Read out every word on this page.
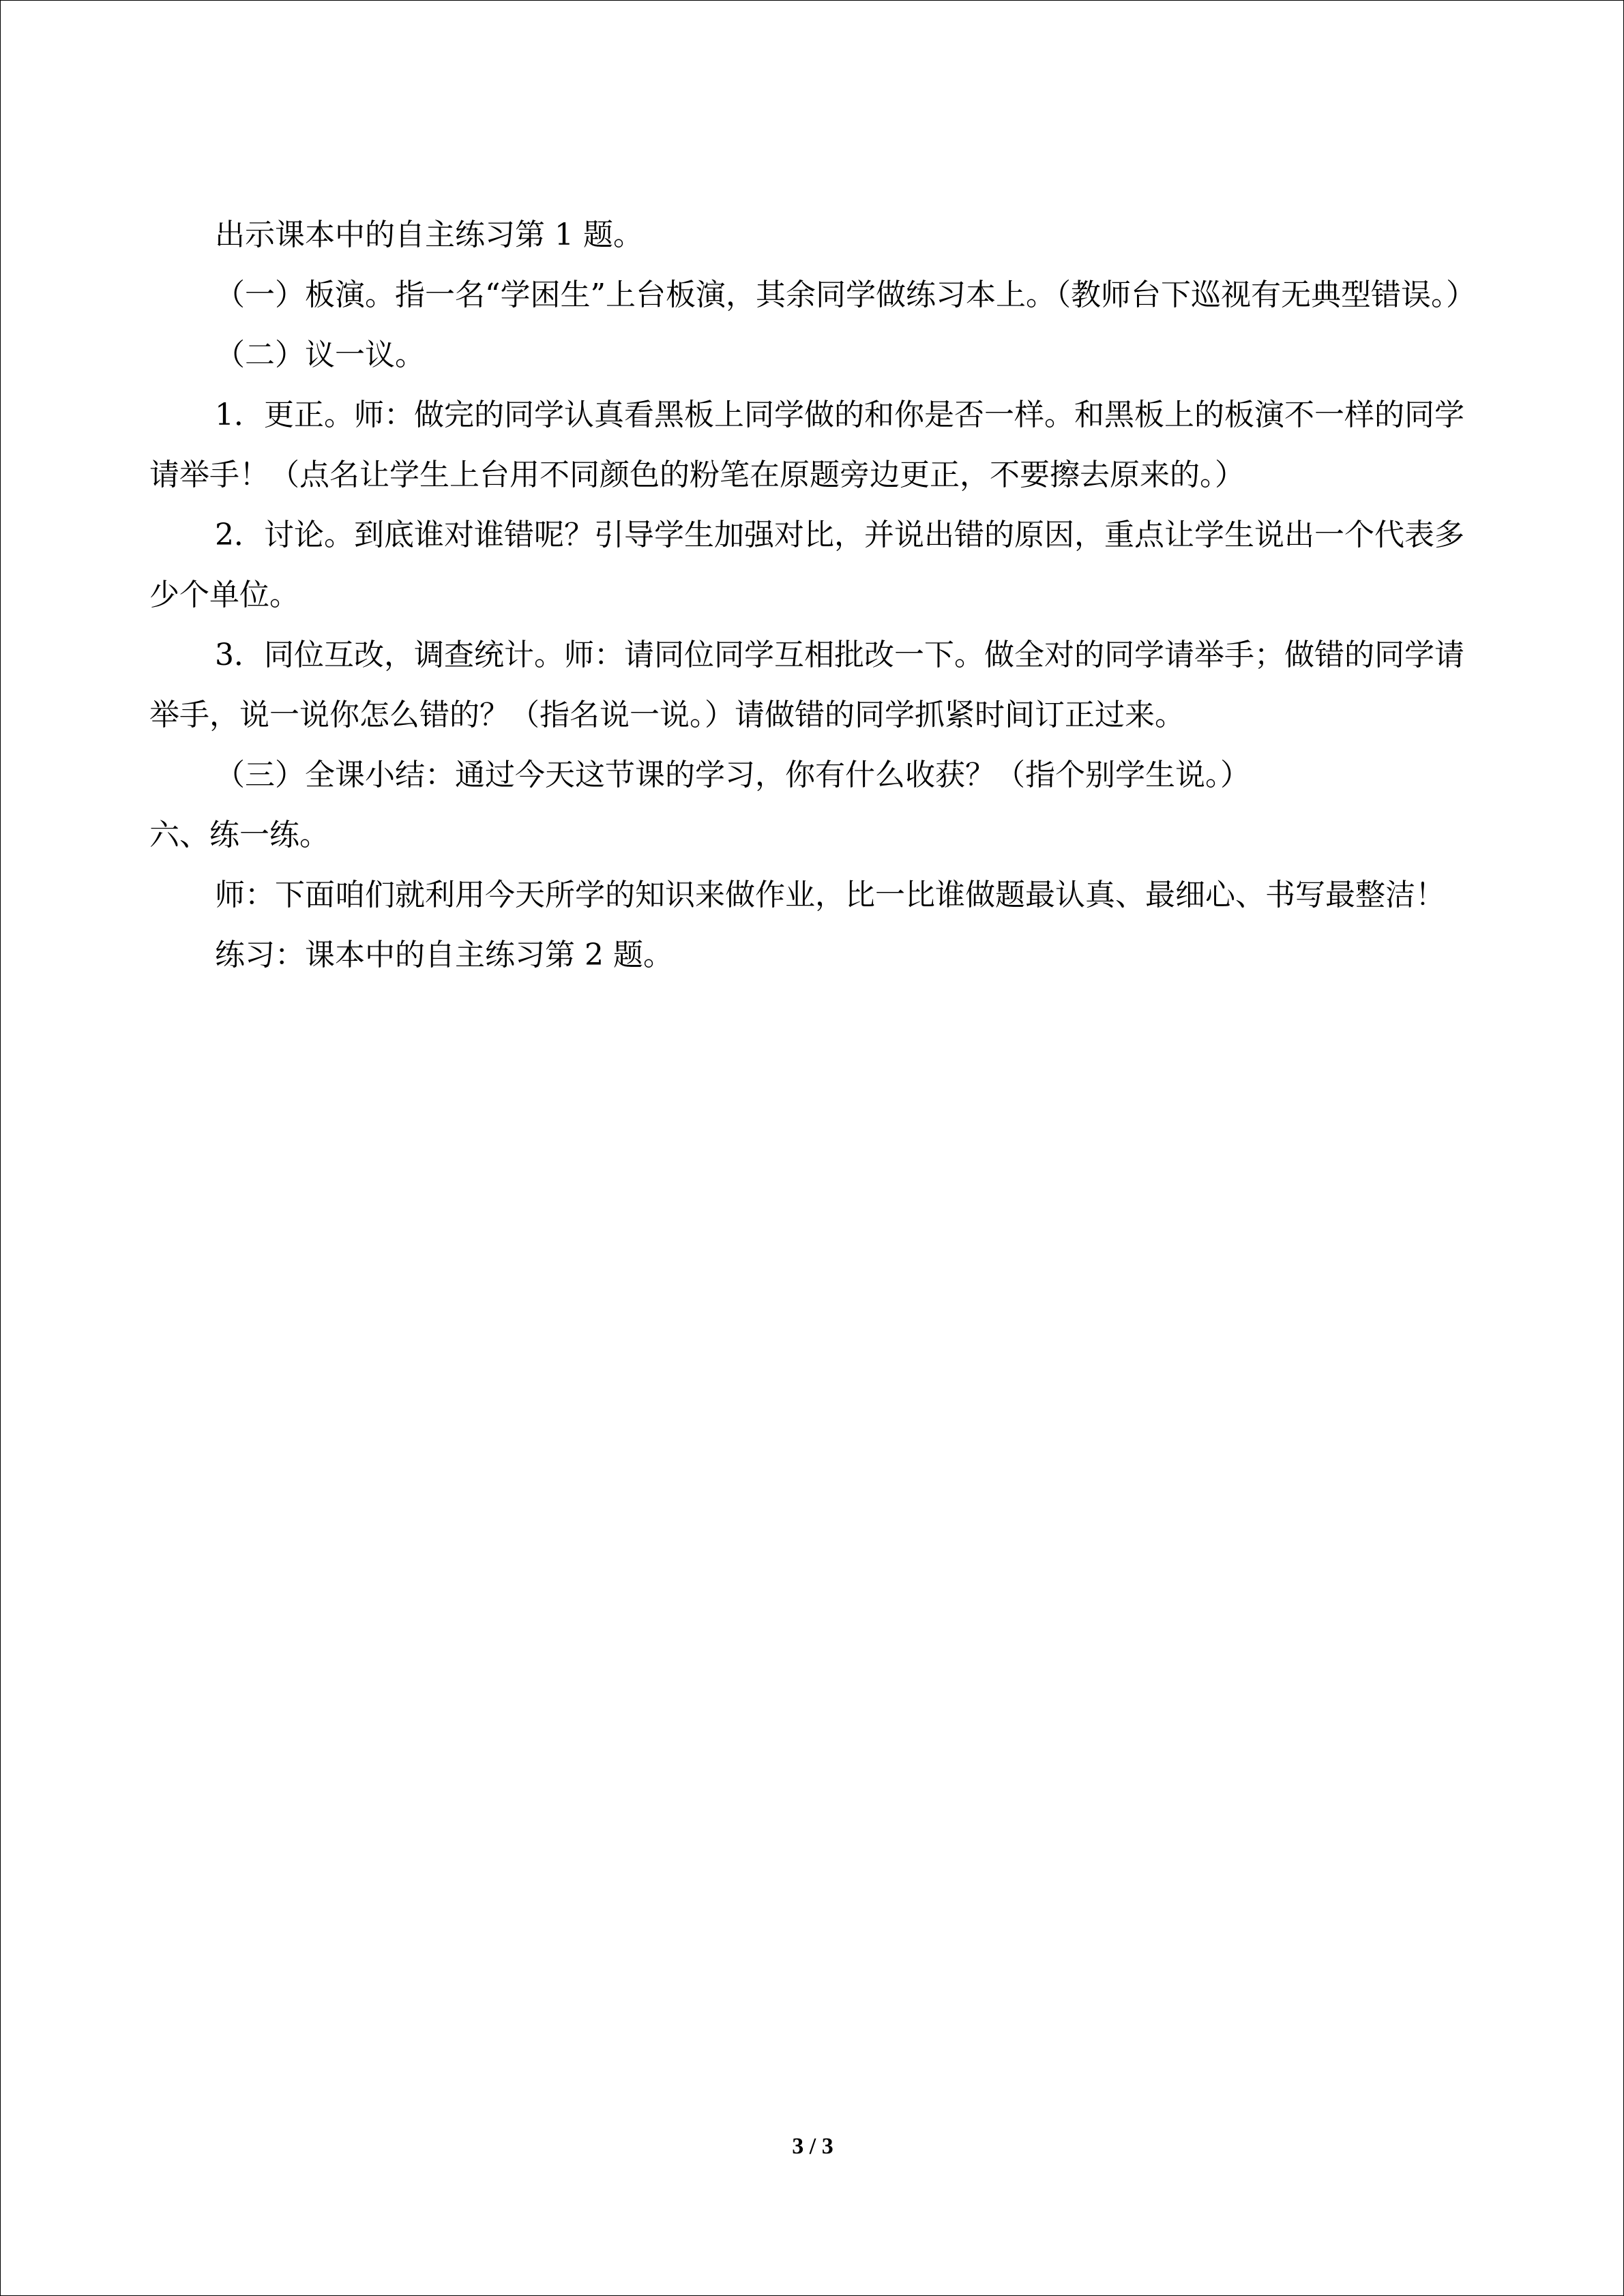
出示课本中的自主练习第 1 题。

（一）板演。指一名“学困生”上台板演，其余同学做练习本上。（教师台下巡视有无典型错误。）

（二）议一议。

1．更正。师：做完的同学认真看黑板上同学做的和你是否一样。和黑板上的板演不一样的同学请举手！（点名让学生上台用不同颜色的粉笔在原题旁边更正，不要擦去原来的。）

2．讨论。到底谁对谁错呢？引导学生加强对比，并说出错的原因，重点让学生说出一个代表多少个单位。

3．同位互改，调查统计。师：请同位同学互相批改一下。做全对的同学请举手；做错的同学请举手，说一说你怎么错的？（指名说一说。）请做错的同学抓紧时间订正过来。

（三）全课小结：通过今天这节课的学习，你有什么收获？（指个别学生说。）

六、练一练。

师：下面咱们就利用今天所学的知识来做作业，比一比谁做题最认真、最细心、书写最整洁！

练习：课本中的自主练习第 2 题。

3 / 3
